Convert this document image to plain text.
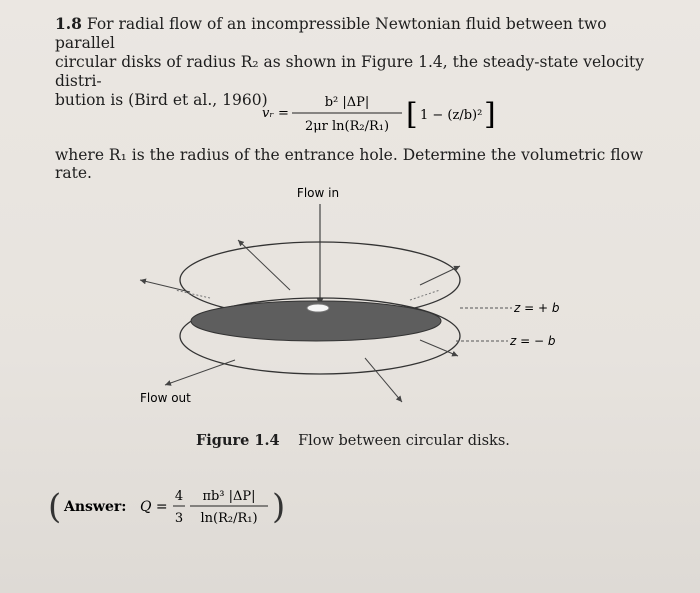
1.8 For radial flow of an incompressible Newtonian fluid between two parallel
circular disks of radius R₂ as shown in Figure 1.4, the steady-state velocity distri-
bution is (Bird et al., 1960)
vᵣ =
b² |ΔP|
2μr ln(R₂/R₁) [ 1 − (z/b)² ]
where R₁ is the radius of the entrance hole. Determine the volumetric flow rate.
Flow in
z = + b
z = − b
Flow out
Figure 1.4 Flow between circular disks.
( Answer: Q =
4
3
πb³ |ΔP|
ln(R₂/R₁) )
